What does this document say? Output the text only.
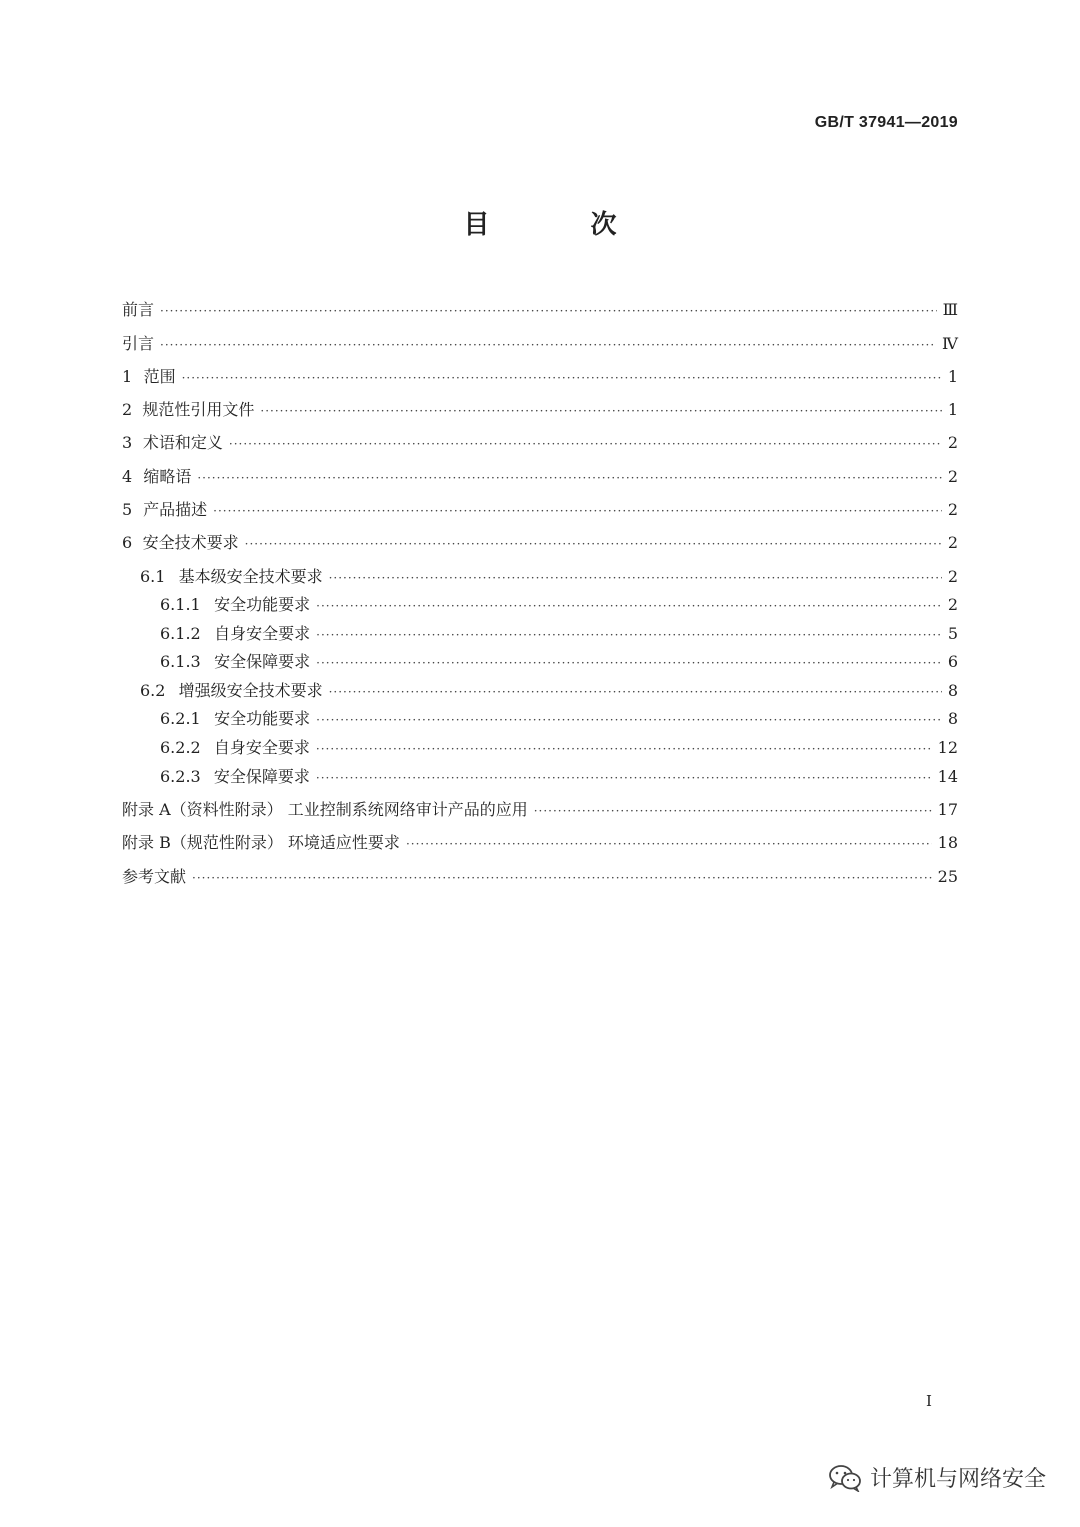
GB/T 37941—2019
目 次
前言 ·····	Ⅲ
引言 ·····	Ⅳ
1 范围 ·····	1
2 规范性引用文件 ·····	1
3 术语和定义 ·····	2
4 缩略语 ·····	2
5 产品描述 ·····	2
6 安全技术要求 ·····	2
6.1 基本级安全技术要求 ·····	2
6.1.1 安全功能要求 ·····	2
6.1.2 自身安全要求 ·····	5
6.1.3 安全保障要求 ·····	6
6.2 增强级安全技术要求 ·····	8
6.2.1 安全功能要求 ·····	8
6.2.2 自身安全要求 ·····	12
6.2.3 安全保障要求 ·····	14
附录 A（资料性附录） 工业控制系统网络审计产品的应用 ·····	17
附录 B（规范性附录） 环境适应性要求 ·····	18
参考文献 ·····	25
Ⅰ
计算机与网络安全
